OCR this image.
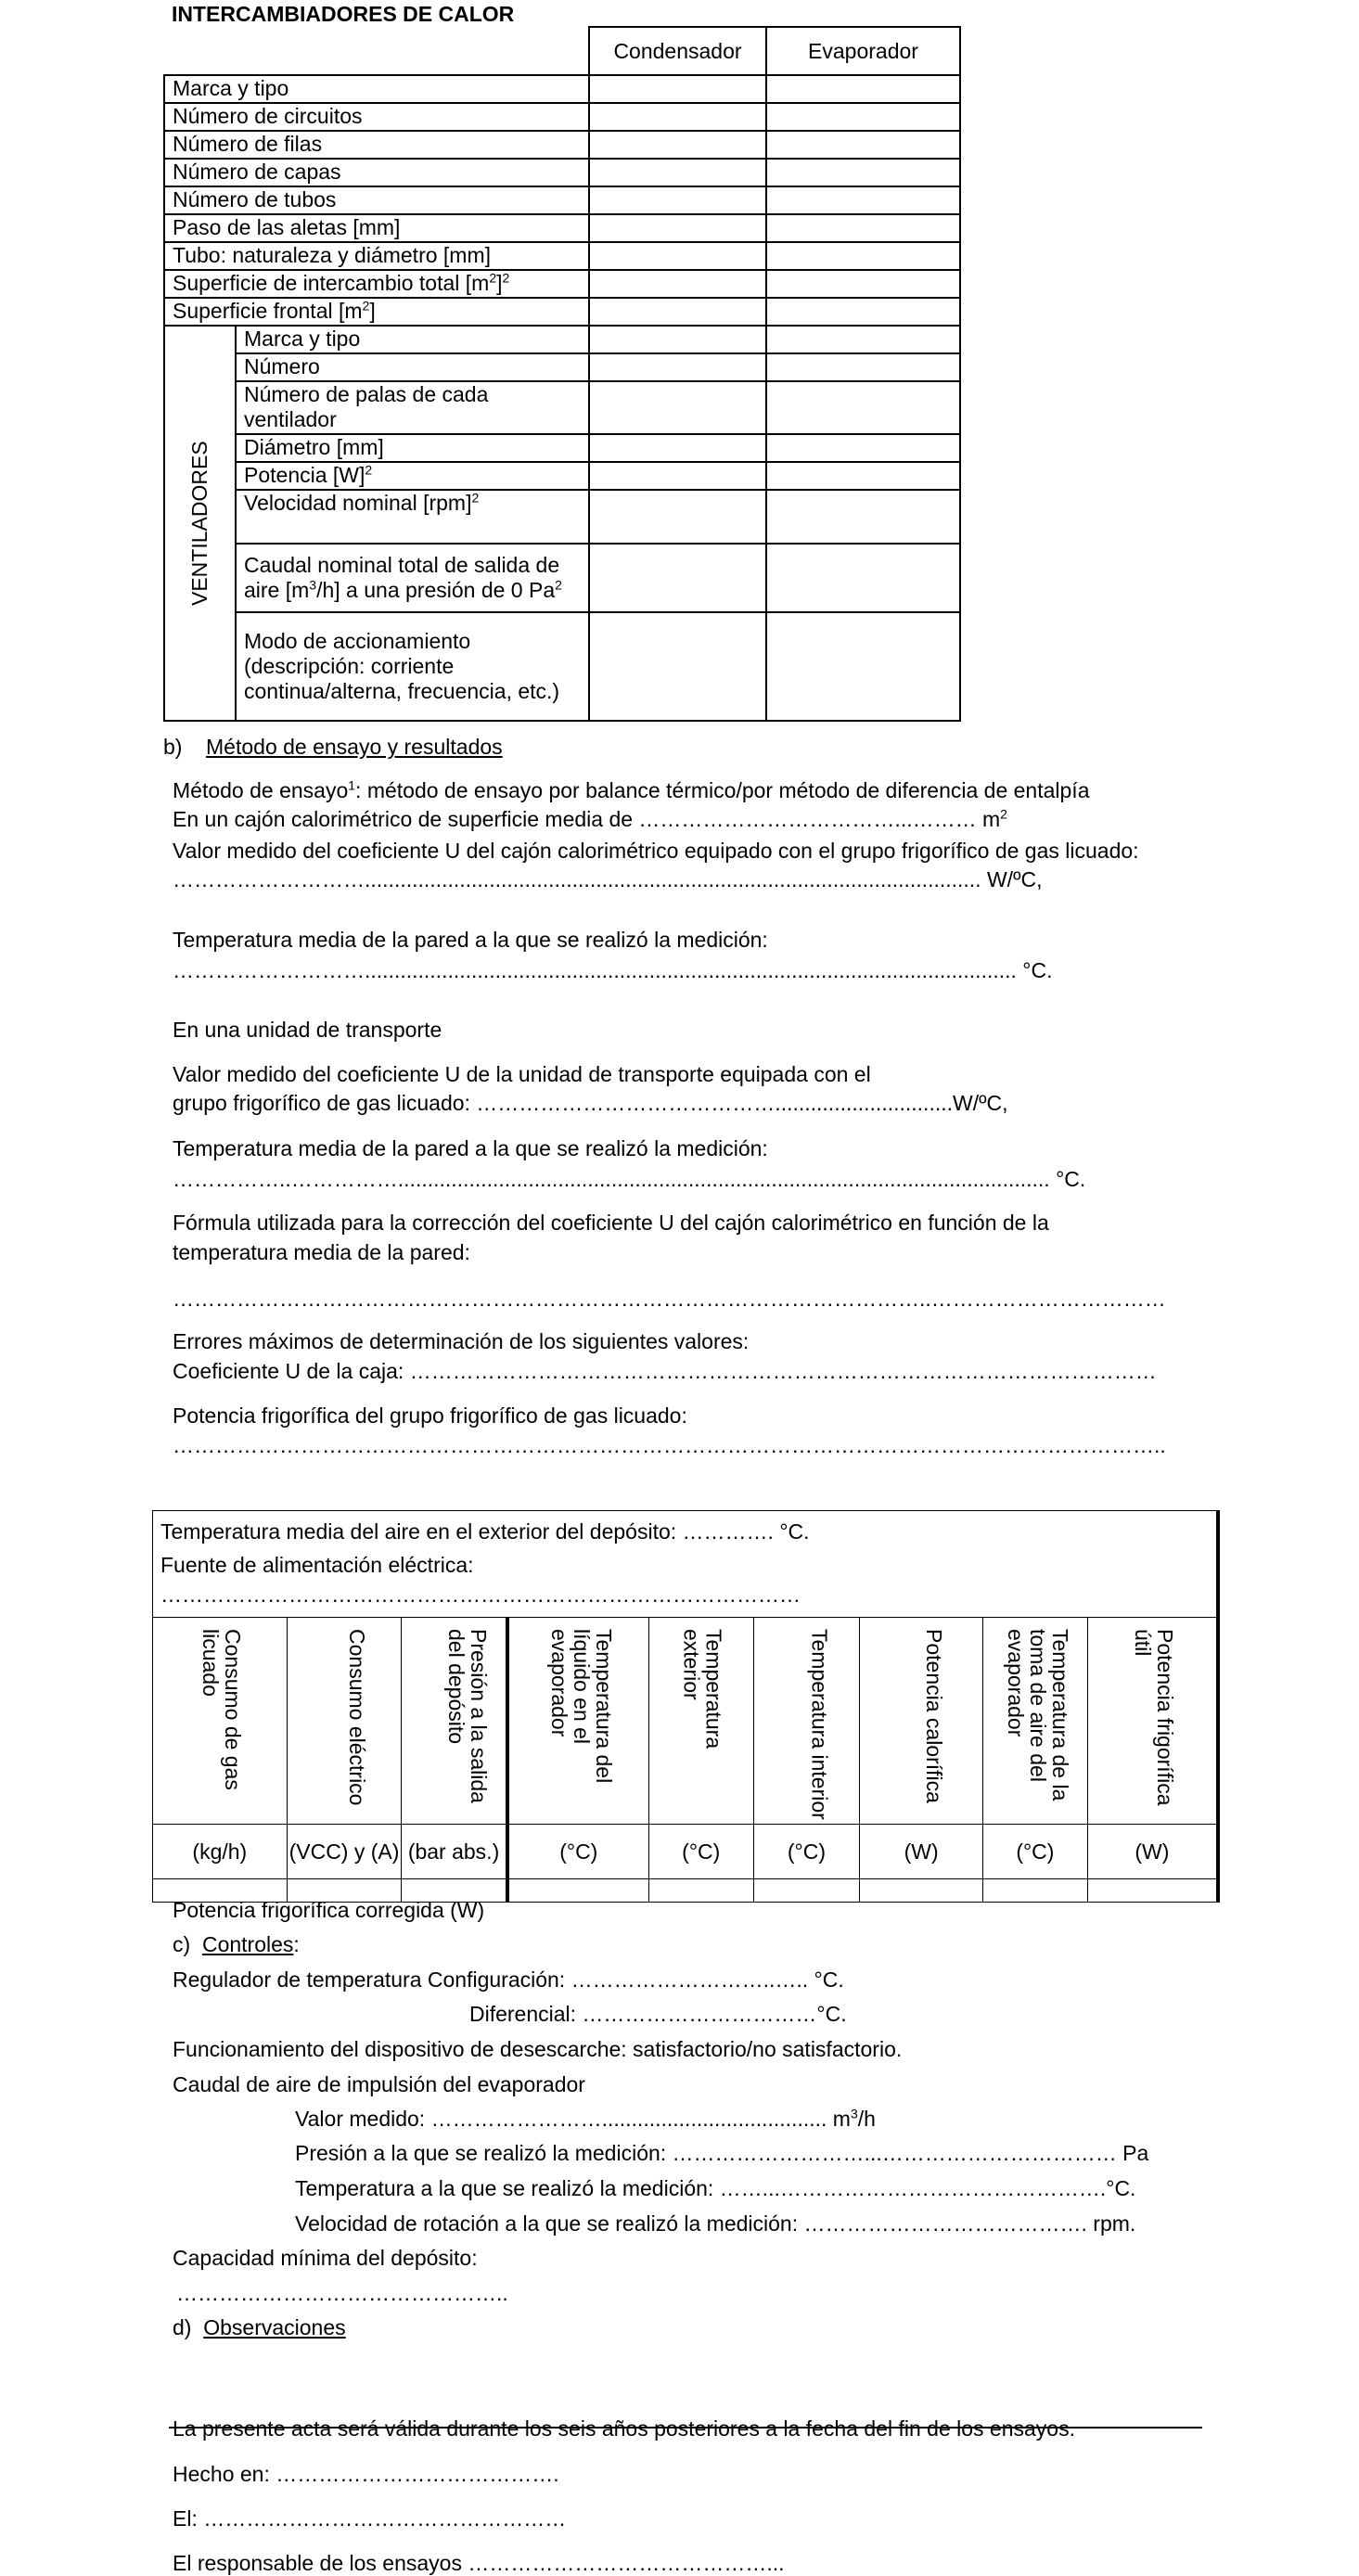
INTERCAMBIADORES DE CALOR
		Condensador	Evaporador
Marca y tipo			
Número de circuitos			
Número de filas			
Número de capas			
Número de tubos			
Paso de las aletas [mm]			
Tubo: naturaleza y diámetro [mm]			
Superficie de intercambio total $[m^2]^2$		
Superficie frontal $[m^2]$			
VENTILADORES	Marca y tipo		
	Número		
	Número de palas de cada ventilador		
	Diámetro [mm]		
	Potencia $[W]^2$		
	Velocidad nominal [rpm]$^2$		
	Caudal nominal total de salida de aire $[m^3/h]$ a una presión de 0 Pa$^2$		
	Modo de accionamiento (descripción: corriente continua/alterna, frecuencia, etc.)		
b) Método de ensayo y resultados
Método de ensayo$^1$: método de ensayo por balance térmico/por método de diferencia de entalpía
En un cajón calorimétrico de superficie media de ………………………………...……… $m^2$
Valor medido del coeficiente U del cajón calorimétrico equipado con el grupo frigorífico de gas licuado:
………………………........................................................................................................ W/ºC,
Temperatura media de la pared a la que se realizó la medición:
……………………….............................................................................................................. °C.
En una unidad de transporte
Valor medido del coeficiente U de la unidad de transporte equipada con el
grupo frigorífico de gas licuado: ……………………………………..............................W/ºC,
Temperatura media de la pared a la que se realizó la medición:
……………..…………….............................................................................................................. °C.
Fórmula utilizada para la corrección del coeficiente U del cajón calorimétrico en función de la
temperatura media de la pared:
……………………………………………………………………………………………..……………………………
Errores máximos de determinación de los siguientes valores:
Coeficiente U de la caja: ……………………………………………………………………………………………
Potencia frigorífica del grupo frigorífico de gas licuado:
…………………………………………………………………………………………………………………………..
Temperatura media del aire en el exterior del depósito: …………. °C.
Fuente de alimentación eléctrica:
………………………………………………………………………………								

Consumo de gas licuado	Consumo eléctrico	Presión a la salida del depósito	Temperatura del líquido en el evaporador	Temperatura exterior	Temperatura interior	Potencia calorífica	Temperatura de la toma de aire del evaporador	Potencia frigorífica útil

(kg/h)	(VCC) y (A)	(bar abs.)	(°C)	(°C)	(°C)	(W)	(°C)	(W)

Potencia frigorífica corregida (W)
c) Controles:
Regulador de temperatura Configuración: ………………………..….. °C.
Diferencial: ……………………………°C.
Funcionamiento del dispositivo de desescarche: satisfactorio/no satisfactorio.
Caudal de aire de impulsión del evaporador
Valor medido: ……………………...................................... $m^3/h$
Presión a la que se realizó la medición: ………………………...…………………………… Pa
Temperatura a la que se realizó la medición: ……...……………………………………….°C.
Velocidad de rotación a la que se realizó la medición: …………………………………. rpm.
Capacidad mínima del depósito:
………………………………………..
d) Observaciones
La presente acta será válida durante los seis años posteriores a la fecha del fin de los ensayos.
Hecho en: ………………………………….
El: ……………………………………………
El responsable de los ensayos ……………………………………...
